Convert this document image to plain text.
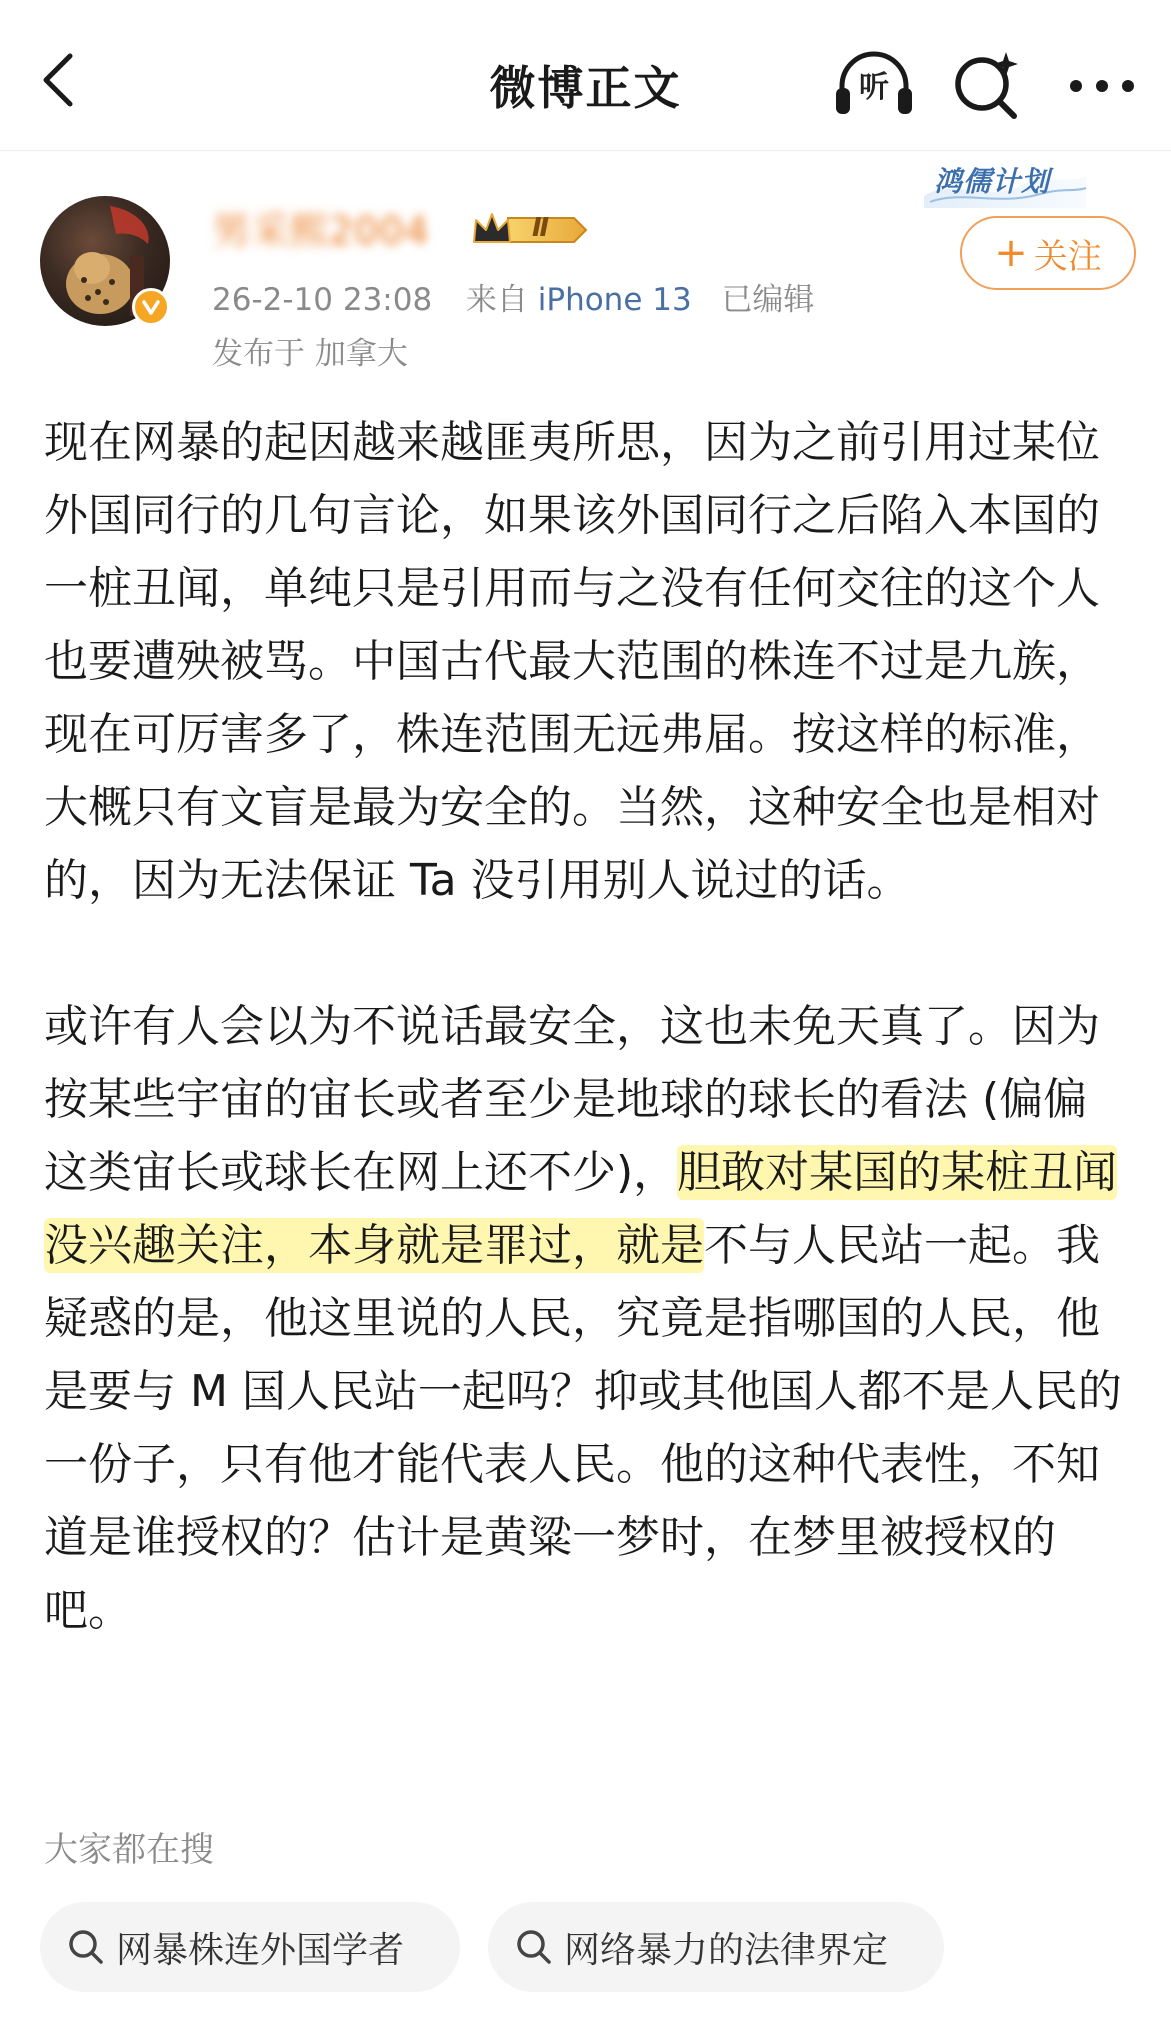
微博正文	听
男采熙2004	Ⅱ
26-2-10 23:08 来自 iPhone 13 已编辑
发布于 加拿大
鸿儒计划
+ 关注

现在网暴的起因越来越匪夷所思，因为之前引用过某位外国同行的几句言论，如果该外国同行之后陷入本国的一桩丑闻，单纯只是引用而与之没有任何交往的这个人也要遭殃被骂。中国古代最大范围的株连不过是九族，现在可厉害多了，株连范围无远弗届。按这样的标准，大概只有文盲是最为安全的。当然，这种安全也是相对的，因为无法保证 Ta 没引用别人说过的话。

或许有人会以为不说话最安全，这也未免天真了。因为按某些宇宙的宙长或者至少是地球的球长的看法 (偏偏这类宙长或球长在网上还不少)，胆敢对某国的某桩丑闻没兴趣关注，本身就是罪过，就是不与人民站一起。我疑惑的是，他这里说的人民，究竟是指哪国的人民，他是要与 M 国人民站一起吗？抑或其他国人都不是人民的一份子，只有他才能代表人民。他的这种代表性，不知道是谁授权的？估计是黄粱一梦时，在梦里被授权的吧。

大家都在搜
网暴株连外国学者	网络暴力的法律界定
